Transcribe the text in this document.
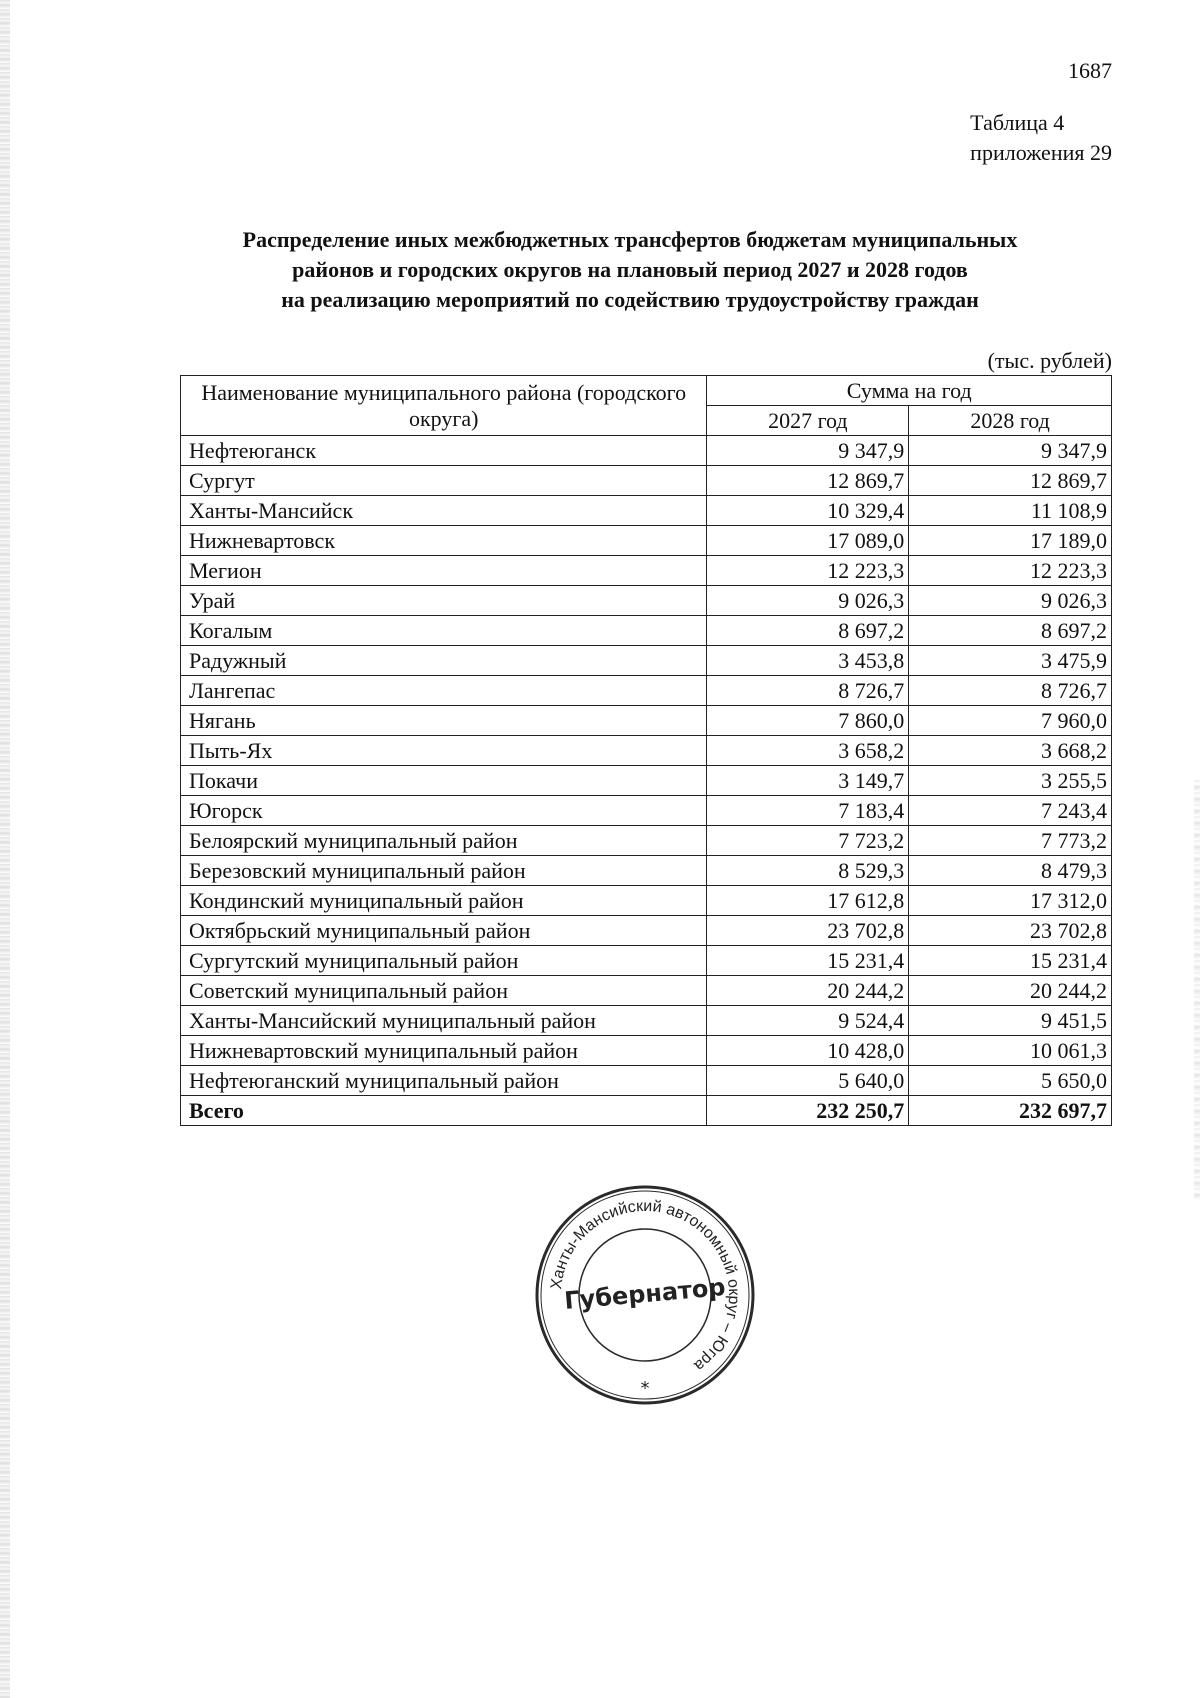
1687
Таблица 4
приложения 29
Распределение иных межбюджетных трансфертов бюджетам муниципальных
районов и городских округов на плановый период 2027 и 2028 годов
на реализацию мероприятий по содействию трудоустройству граждан
(тыс. рублей)
Наименование муниципального района (городского округа)	Сумма на год	
	2027 год	2028 год
Нефтеюганск	9 347,9	9 347,9
Сургут	12 869,7	12 869,7
Ханты-Мансийск	10 329,4	11 108,9
Нижневартовск	17 089,0	17 189,0
Мегион	12 223,3	12 223,3
Урай	9 026,3	9 026,3
Когалым	8 697,2	8 697,2
Радужный	3 453,8	3 475,9
Лангепас	8 726,7	8 726,7
Нягань	7 860,0	7 960,0
Пыть-Ях	3 658,2	3 668,2
Покачи	3 149,7	3 255,5
Югорск	7 183,4	7 243,4
Белоярский муниципальный район	7 723,2	7 773,2
Березовский муниципальный район	8 529,3	8 479,3
Кондинский муниципальный район	17 612,8	17 312,0
Октябрьский муниципальный район	23 702,8	23 702,8
Сургутский муниципальный район	15 231,4	15 231,4
Советский муниципальный район	20 244,2	20 244,2
Ханты-Мансийский муниципальный район	9 524,4	9 451,5
Нижневартовский муниципальный район	10 428,0	10 061,3
Нефтеюганский муниципальный район	5 640,0	5 650,0
Всего	232 250,7	232 697,7
Ханты-Мансийский автономный округ – Югра
Губернатор
*
